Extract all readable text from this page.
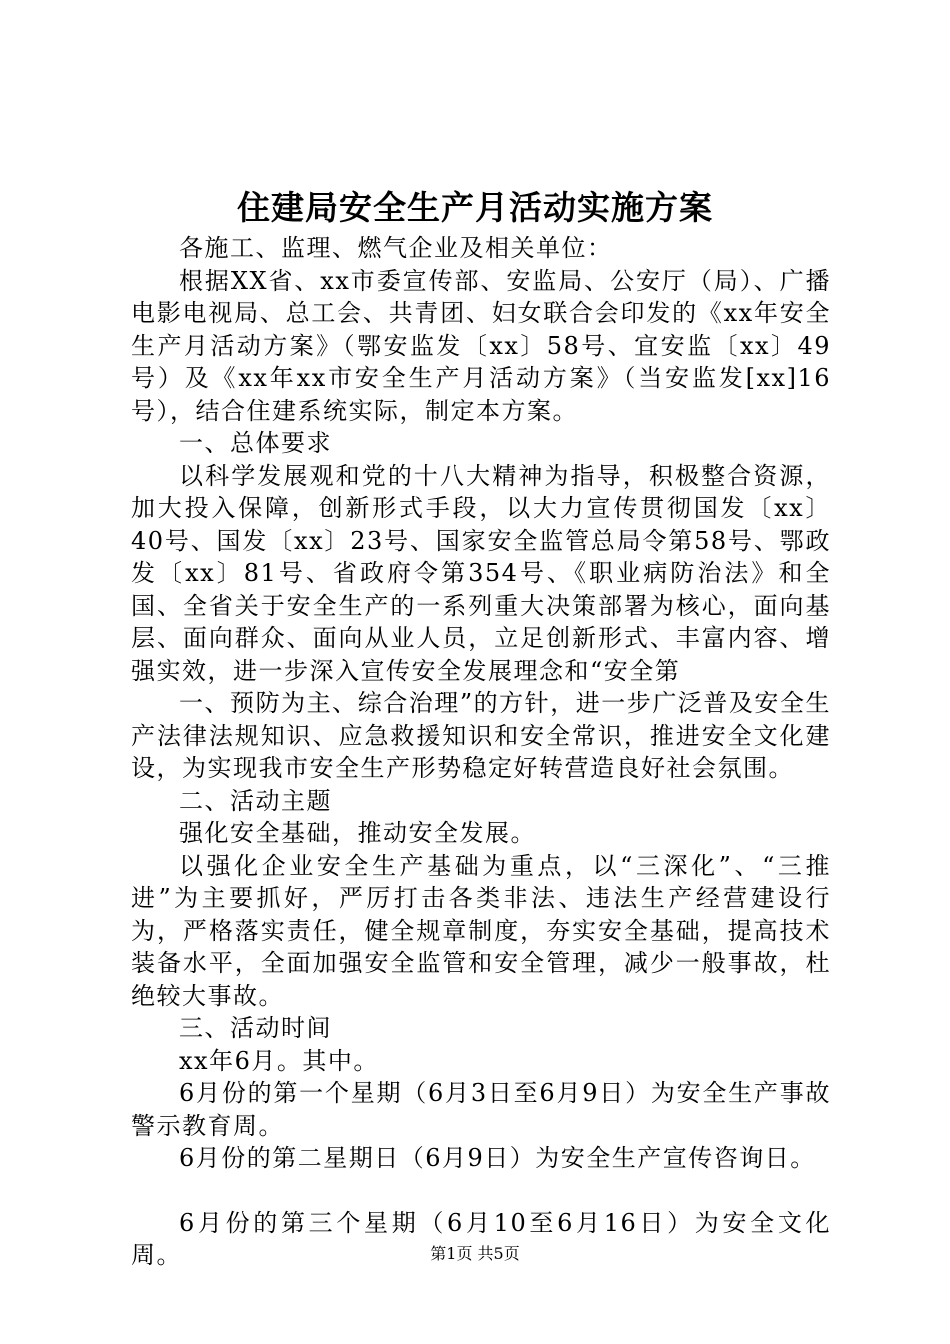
住建局安全生产月活动实施方案

各施工、监理、燃气企业及相关单位：

根据XX省、xx市委宣传部、安监局、公安厅（局）、广播电影电视局、总工会、共青团、妇女联合会印发的《xx年安全生产月活动方案》（鄂安监发〔xx〕58号、宜安监〔xx〕49号）及《xx年xx市安全生产月活动方案》（当安监发[xx]16号），结合住建系统实际，制定本方案。

一、总体要求

以科学发展观和党的十八大精神为指导，积极整合资源，加大投入保障，创新形式手段，以大力宣传贯彻国发〔xx〕40号、国发〔xx〕23号、国家安全监管总局令第58号、鄂政发〔xx〕81号、省政府令第354号、《职业病防治法》和全国、全省关于安全生产的一系列重大决策部署为核心，面向基层、面向群众、面向从业人员，立足创新形式、丰富内容、增强实效，进一步深入宣传安全发展理念和“安全第

一、预防为主、综合治理”的方针，进一步广泛普及安全生产法律法规知识、应急救援知识和安全常识，推进安全文化建设，为实现我市安全生产形势稳定好转营造良好社会氛围。

二、活动主题

强化安全基础，推动安全发展。

以强化企业安全生产基础为重点，以“三深化”、“三推进”为主要抓好，严厉打击各类非法、违法生产经营建设行为，严格落实责任，健全规章制度，夯实安全基础，提高技术装备水平，全面加强安全监管和安全管理，减少一般事故，杜绝较大事故。

三、活动时间

xx年6月。其中。

6月份的第一个星期（6月3日至6月9日）为安全生产事故警示教育周。

6月份的第二星期日（6月9日）为安全生产宣传咨询日。

6月份的第三个星期（6月10至6月16日）为安全文化周。	第1页 共5页
